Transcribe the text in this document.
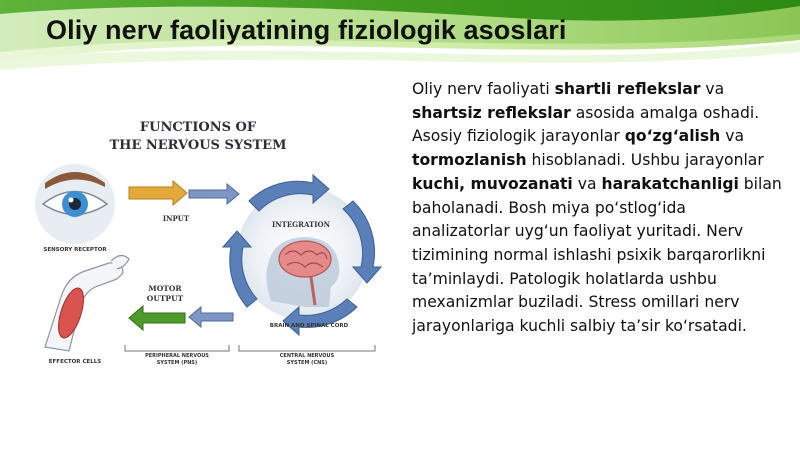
Oliy nerv faoliyatining fiziologik asoslari
FUNCTIONS OF
THE NERVOUS SYSTEM
SENSORY RECEPTOR
INPUT
INTEGRATION
BRAIN AND SPINAL CORD
MOTOR
OUTPUT
EFFECTOR CELLS
PERIPHERAL NERVOUS
SYSTEM (PNS)
CENTRAL NERVOUS
SYSTEM (CNS)
Oliy nerv faoliyati shartli reflekslar va shartsiz reflekslar asosida amalga oshadi. Asosiy fiziologik jarayonlar qo‘zg‘alish va tormozlanish hisoblanadi. Ushbu jarayonlar kuchi, muvozanati va harakatchanligi bilan baholanadi. Bosh miya po‘stlog‘ida analizatorlar uyg‘un faoliyat yuritadi. Nerv tizimining normal ishlashi psixik barqarorlikni ta’minlaydi. Patologik holatlarda ushbu mexanizmlar buziladi. Stress omillari nerv jarayonlariga kuchli salbiy ta’sir ko‘rsatadi.
